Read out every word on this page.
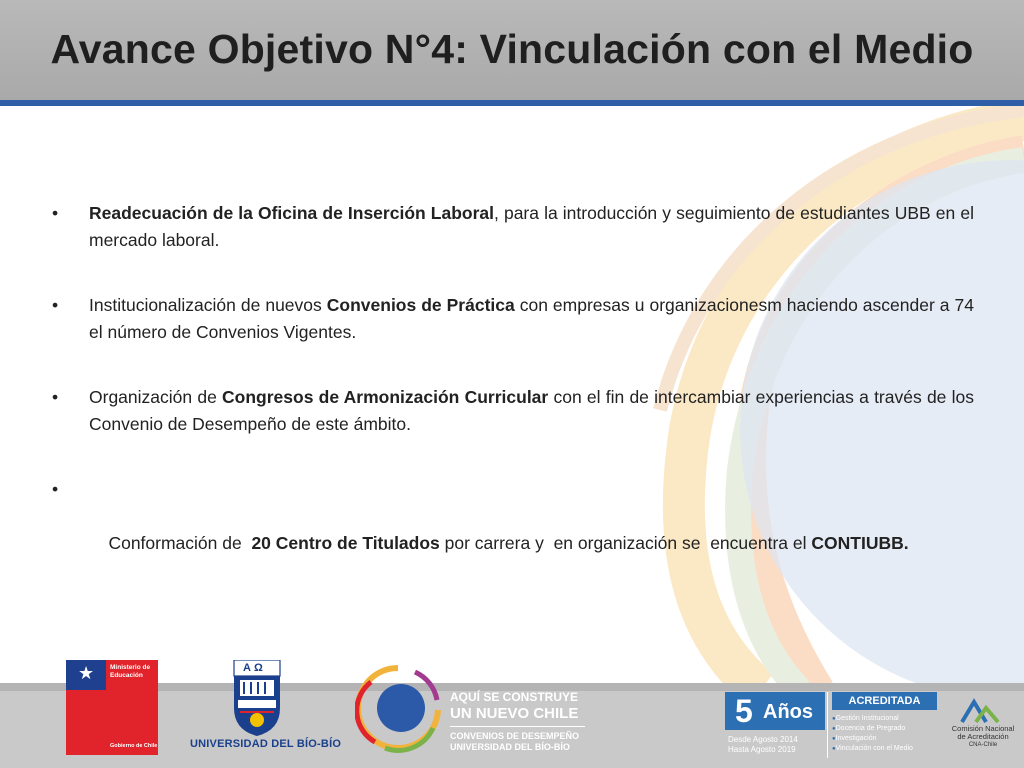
Avance Objetivo N°4: Vinculación con el Medio
• Readecuación de la Oficina de Inserción Laboral, para la introducción y seguimiento de estudiantes UBB en el mercado laboral.
• Institucionalización de nuevos Convenios de Práctica con empresas u organizacionesm haciendo ascender a 74 el número de Convenios Vigentes.
• Organización de Congresos de Armonización Curricular con el fin de intercambiar experiencias a través de los Convenio de Desempeño de este ámbito.

•

Conformación de  20 Centro de Titulados por carrera y  en organización se  encuentra el CONTIUBB.

★ Ministerio de Educación
Gobierno de Chile
Α Ω
UNIVERSIDAD DEL BÍO-BÍO
AQUÍ SE CONSTRUYE
UN NUEVO CHILE
CONVENIOS DE DESEMPEÑO
UNIVERSIDAD DEL BÍO-BÍO
5 Años
Desde Agosto 2014
Hasta Agosto 2019
ACREDITADA
● Gestión Institucional
● Docencia de Pregrado
● Investigación
● Vinculación con el Medio
Comisión Nacional
de Acreditación
CNA-Chile
